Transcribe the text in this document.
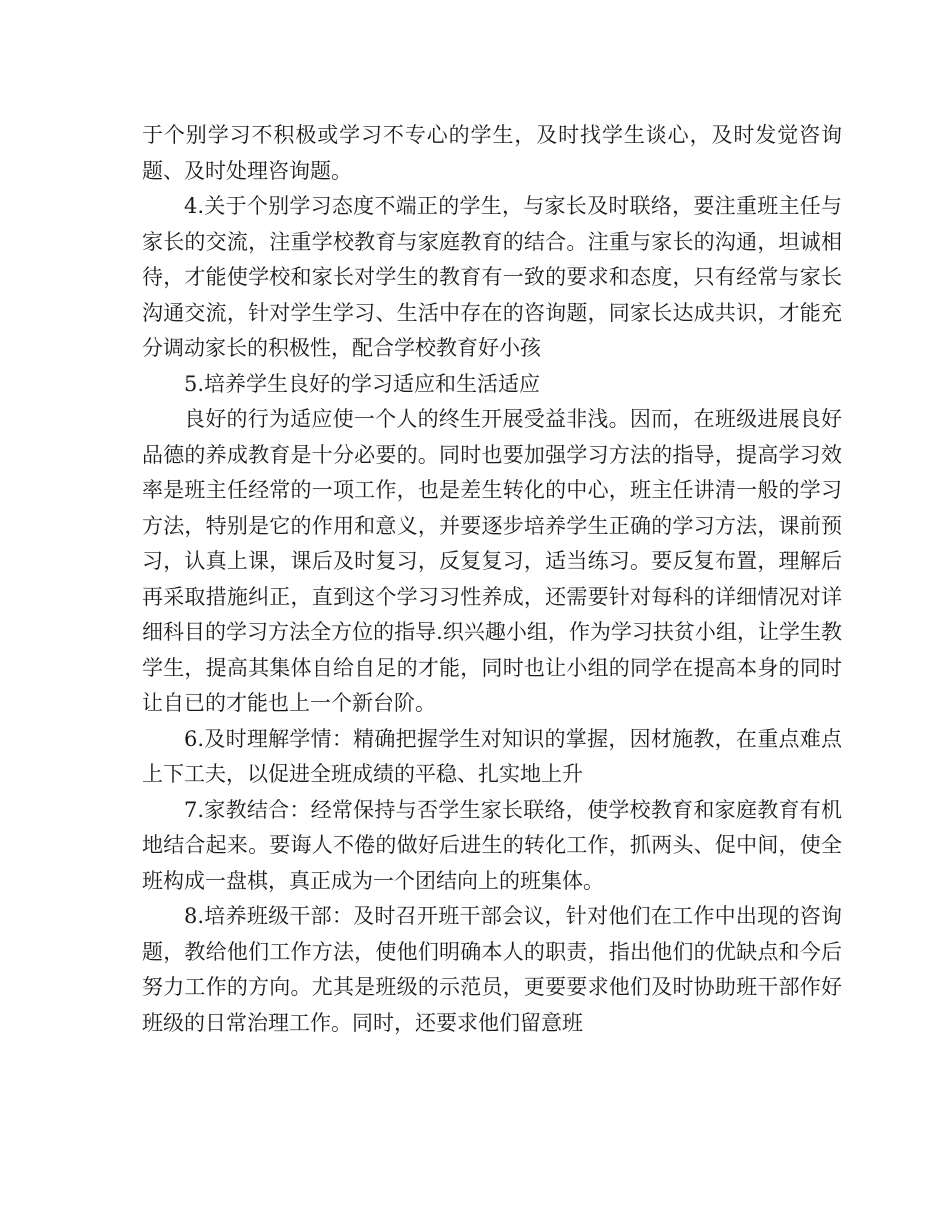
于个别学习不积极或学习不专心的学生，及时找学生谈心，及时发觉咨询题、及时处理咨询题。

4.关于个别学习态度不端正的学生，与家长及时联络，要注重班主任与家长的交流，注重学校教育与家庭教育的结合。注重与家长的沟通，坦诚相待，才能使学校和家长对学生的教育有一致的要求和态度，只有经常与家长沟通交流，针对学生学习、生活中存在的咨询题，同家长达成共识，才能充分调动家长的积极性，配合学校教育好小孩

5.培养学生良好的学习适应和生活适应

良好的行为适应使一个人的终生开展受益非浅。因而，在班级进展良好品德的养成教育是十分必要的。同时也要加强学习方法的指导，提高学习效率是班主任经常的一项工作，也是差生转化的中心，班主任讲清一般的学习方法，特别是它的作用和意义，并要逐步培养学生正确的学习方法，课前预习，认真上课，课后及时复习，反复复习，适当练习。要反复布置，理解后再采取措施纠正，直到这个学习习性养成，还需要针对每科的详细情况对详细科目的学习方法全方位的指导.织兴趣小组，作为学习扶贫小组，让学生教学生，提高其集体自给自足的才能，同时也让小组的同学在提高本身的同时让自已的才能也上一个新台阶。

6.及时理解学情：精确把握学生对知识的掌握，因材施教，在重点难点上下工夫，以促进全班成绩的平稳、扎实地上升

7.家教结合：经常保持与否学生家长联络，使学校教育和家庭教育有机地结合起来。要诲人不倦的做好后进生的转化工作，抓两头、促中间，使全班构成一盘棋，真正成为一个团结向上的班集体。

8.培养班级干部：及时召开班干部会议，针对他们在工作中出现的咨询题，教给他们工作方法，使他们明确本人的职责，指出他们的优缺点和今后努力工作的方向。尤其是班级的示范员，更要要求他们及时协助班干部作好班级的日常治理工作。同时，还要求他们留意班
